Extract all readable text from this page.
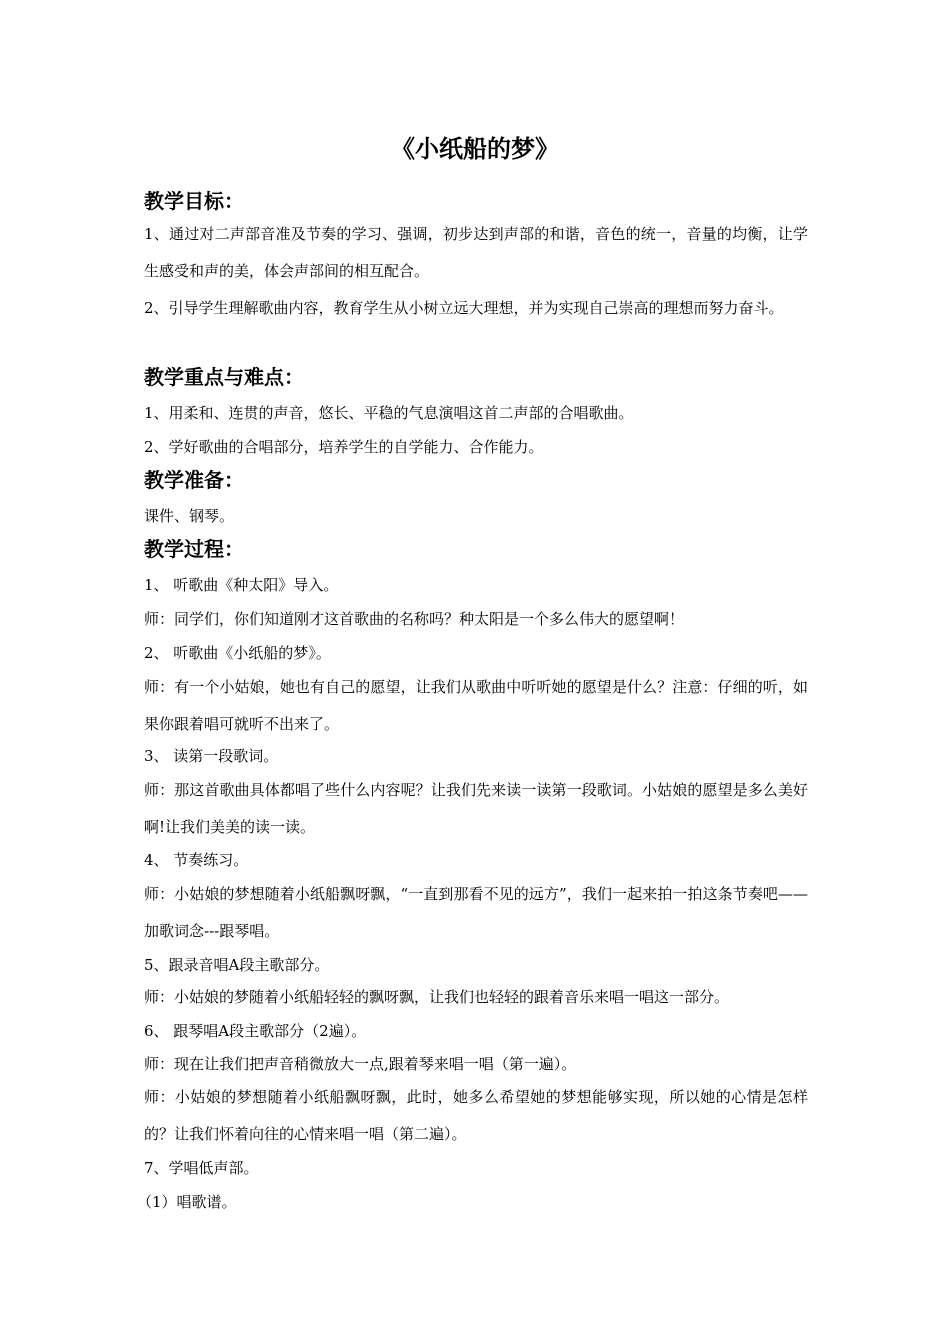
《小纸船的梦》
教学目标：
1、通过对二声部音准及节奏的学习、强调，初步达到声部的和谐，音色的统一，音量的均衡，让学生感受和声的美，体会声部间的相互配合。
2、引导学生理解歌曲内容，教育学生从小树立远大理想，并为实现自己崇高的理想而努力奋斗。
教学重点与难点：
1、用柔和、连贯的声音，悠长、平稳的气息演唱这首二声部的合唱歌曲。
2、学好歌曲的合唱部分，培养学生的自学能力、合作能力。
教学准备：
课件、钢琴。
教学过程：
1、 听歌曲《种太阳》导入。
师：同学们，你们知道刚才这首歌曲的名称吗？种太阳是一个多么伟大的愿望啊！
2、 听歌曲《小纸船的梦》。
师：有一个小姑娘，她也有自己的愿望，让我们从歌曲中听听她的愿望是什么？注意：仔细的听，如果你跟着唱可就听不出来了。
3、 读第一段歌词。
师：那这首歌曲具体都唱了些什么内容呢？让我们先来读一读第一段歌词。小姑娘的愿望是多么美好啊!让我们美美的读一读。
4、 节奏练习。
师：小姑娘的梦想随着小纸船飘呀飘，“一直到那看不见的远方”，我们一起来拍一拍这条节奏吧——加歌词念---跟琴唱。
5、跟录音唱A段主歌部分。
师：小姑娘的梦随着小纸船轻轻的飘呀飘，让我们也轻轻的跟着音乐来唱一唱这一部分。
6、 跟琴唱A段主歌部分（2遍）。
师：现在让我们把声音稍微放大一点,跟着琴来唱一唱（第一遍）。
师：小姑娘的梦想随着小纸船飘呀飘，此时，她多么希望她的梦想能够实现，所以她的心情是怎样的？让我们怀着向往的心情来唱一唱（第二遍）。
7、学唱低声部。
（1）唱歌谱。
